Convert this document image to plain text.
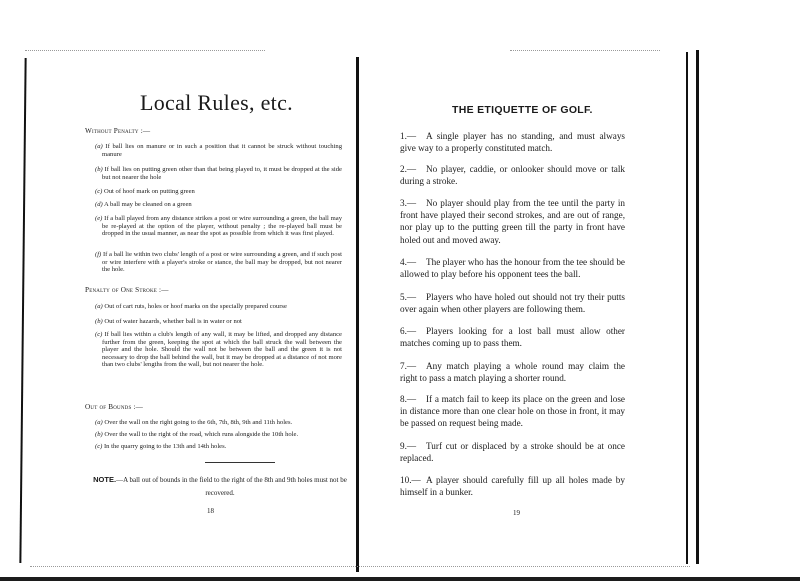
Local Rules, etc.
Without Penalty :—
(a) If ball lies on manure or in such a position that it cannot be struck without touching manure
(b) If ball lies on putting green other than that being played to, it must be dropped at the side but not nearer the hole
(c) Out of hoof mark on putting green
(d) A ball may be cleaned on a green
(e) If a ball played from any distance strikes a post or wire surrounding a green, the ball may be re-played at the option of the player, without penalty ; the re-played ball must be dropped in the usual manner, as near the spot as possible from which it was first played.
(f) If a ball lie within two clubs' length of a post or wire surrounding a green, and if such post or wire interfere with a player's stroke or stance, the ball may be dropped, but not nearer the hole.
Penalty of One Stroke :—
(a) Out of cart ruts, holes or hoof marks on the specially prepared course
(b) Out of water hazards, whether ball is in water or not
(c) If ball lies within a club's length of any wall, it may be lifted, and dropped any distance further from the green, keeping the spot at which the ball struck the wall between the player and the hole. Should the wall not be between the ball and the green it is not necessary to drop the ball behind the wall, but it may be dropped at a distance of not more than two clubs' lengths from the wall, but not nearer the hole.
Out of Bounds :—
(a) Over the wall on the right going to the 6th, 7th, 8th, 9th and 11th holes.
(b) Over the wall to the right of the road, which runs alongside the 10th hole.
(c) In the quarry going to the 13th and 14th holes.
NOTE.—A ball out of bounds in the field to the right of the 8th and 9th holes must not be recovered.
18
THE ETIQUETTE OF GOLF.
1.— A single player has no standing, and must always give way to a properly constituted match.
2.— No player, caddie, or onlooker should move or talk during a stroke.
3.— No player should play from the tee until the party in front have played their second strokes, and are out of range, nor play up to the putting green till the party in front have holed out and moved away.
4.— The player who has the honour from the tee should be allowed to play before his opponent tees the ball.
5.— Players who have holed out should not try their putts over again when other players are following them.
6.— Players looking for a lost ball must allow other matches coming up to pass them.
7.— Any match playing a whole round may claim the right to pass a match playing a shorter round.
8.— If a match fail to keep its place on the green and lose in distance more than one clear hole on those in front, it may be passed on request being made.
9.— Turf cut or displaced by a stroke should be at once replaced.
10.— A player should carefully fill up all holes made by himself in a bunker.
19
